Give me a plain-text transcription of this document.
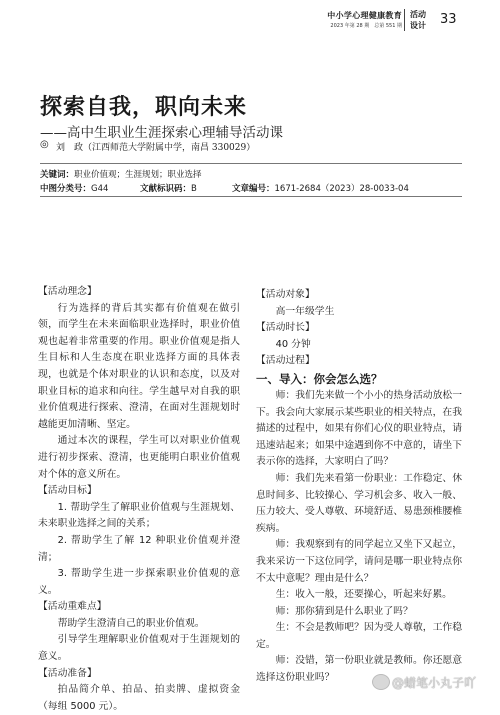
中小学心理健康教育
2023 年第 28 期　总第 551 期
活动
设计 33
探索自我，职向未来
——高中生职业生涯探索心理辅导活动课
◎ 刘　政（江西师范大学附属中学，南昌 330029）
关键词：职业价值观；生涯规划；职业选择
中图分类号：G44	文献标识码：B	文章编号：1671-2684（2023）28-0033-04
【活动理念】
行为选择的背后其实都有价值观在做引领，而学生在未来面临职业选择时，职业价值观也起着非常重要的作用。职业价值观是指人生目标和人生态度在职业选择方面的具体表现，也就是个体对职业的认识和态度，以及对职业目标的追求和向往。学生越早对自我的职业价值观进行探索、澄清，在面对生涯规划时越能更加清晰、坚定。
通过本次的课程，学生可以对职业价值观进行初步探索、澄清，也更能明白职业价值观对个体的意义所在。
【活动目标】
1. 帮助学生了解职业价值观与生涯规划、未来职业选择之间的关系；
2. 帮助学生了解 12 种职业价值观并澄清；
3. 帮助学生进一步探索职业价值观的意义。
【活动重难点】
帮助学生澄清自己的职业价值观。
引导学生理解职业价值观对于生涯规划的意义。
【活动准备】
拍品简介单、拍品、拍卖牌、虚拟资金（每组 5000 元）。
【活动对象】
高一年级学生
【活动时长】
40 分钟
【活动过程】
一、导入：你会怎么选？
师：我们先来做一个小小的热身活动放松一下。我会向大家展示某些职业的相关特点，在我描述的过程中，如果有你们心仪的职业特点，请迅速站起来；如果中途遇到你不中意的，请坐下表示你的选择，大家明白了吗？
师：我们先来看第一份职业：工作稳定、休息时间多、比较操心、学习机会多、收入一般、压力较大、受人尊敬、环境舒适、易患颈椎腰椎疾病。
师：我观察到有的同学起立又坐下又起立，我来采访一下这位同学，请问是哪一职业特点你不太中意呢？理由是什么？
生：收入一般，还要操心，听起来好累。
师：那你猜到是什么职业了吗？
生：不会是教师吧？因为受人尊敬，工作稳定。
师：没错，第一份职业就是教师。你还愿意选择这份职业吗？	@蜡笔小丸子吖
